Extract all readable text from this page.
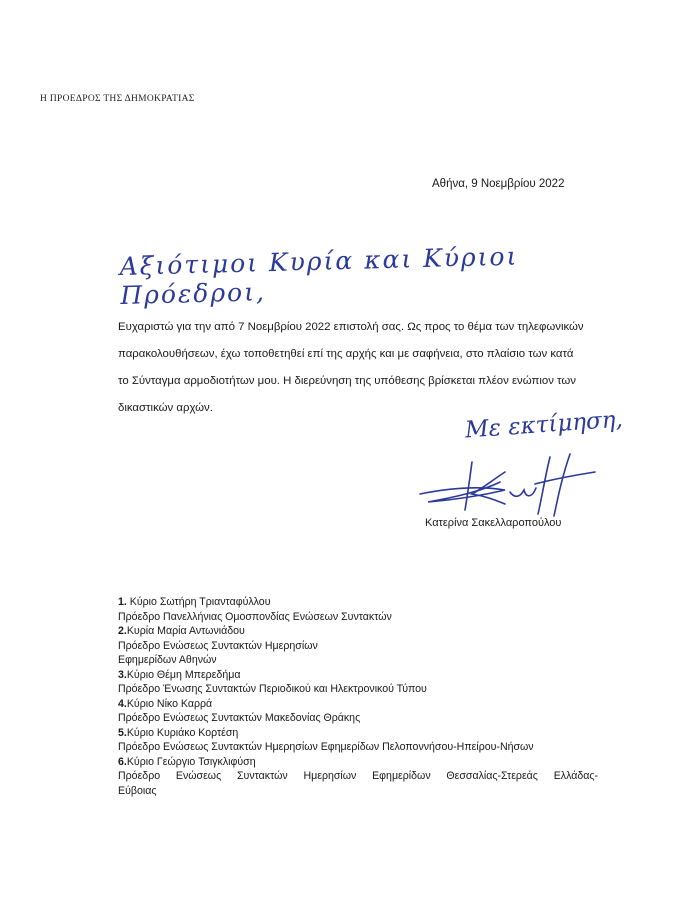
Η ΠΡΟΕΔΡΟΣ ΤΗΣ ΔΗΜΟΚΡΑΤΙΑΣ
Αθήνα, 9 Νοεμβρίου 2022
Αξιότιμοι Κυρία και Κύριοι Πρόεδροι,
Ευχαριστώ για την από 7 Νοεμβρίου 2022 επιστολή σας. Ως προς το θέμα των τηλεφωνικών
παρακολουθήσεων, έχω τοποθετηθεί επί της αρχής και με σαφήνεια, στο πλαίσιο των κατά
το Σύνταγμα αρμοδιοτήτων μου. Η διερεύνηση της υπόθεσης βρίσκεται πλέον ενώπιον των
δικαστικών αρχών.	Με εκτίμηση,
Κατερίνα Σακελλαροπούλου
1. Κύριο Σωτήρη Τριανταφύλλου
Πρόεδρο Πανελλήνιας Ομοσπονδίας Ενώσεων Συντακτών
2.Κυρία Μαρία Αντωνιάδου
Πρόεδρο Ενώσεως Συντακτών Ημερησίων
Εφημερίδων Αθηνών
3.Κύριο Θέμη Μπερεδήμα
Πρόεδρο Ένωσης Συντακτών Περιοδικού και Ηλεκτρονικού Τύπου
4.Κύριο Νίκο Καρρά
Πρόεδρο Ενώσεως Συντακτών Μακεδονίας Θράκης
5.Κύριο Κυριάκο Κορτέση
Πρόεδρο Ενώσεως Συντακτών Ημερησίων Εφημερίδων Πελοποννήσου-Ηπείρου-Νήσων
6.Κύριο Γεώργιο Τσιγκλιφύση
Πρόεδρο Ενώσεως Συντακτών Ημερησίων Εφημερίδων Θεσσαλίας-Στερεάς Ελλάδας-
Εύβοιας
